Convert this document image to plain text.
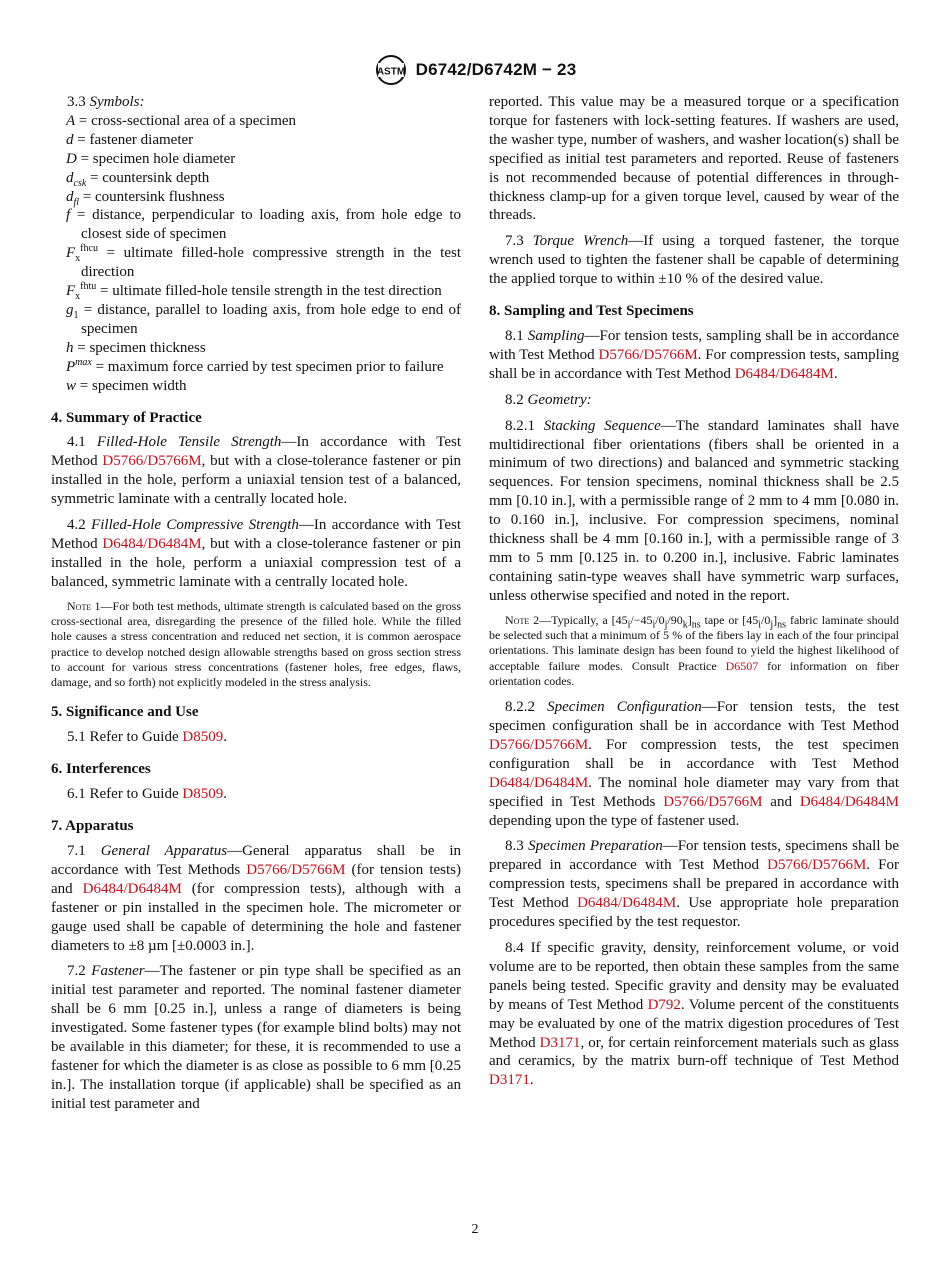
ASTM D6742/D6742M − 23

3.3 Symbols:

A = cross-sectional area of a specimen

d = fastener diameter

D = specimen hole diameter

$d_{csk}$ = countersink depth

$d_{fl}$ = countersink flushness

f = distance, perpendicular to loading axis, from hole edge to closest side of specimen

$F_x^{fhcu}$ = ultimate filled-hole compressive strength in the test direction

$F_x^{fhtu}$ = ultimate filled-hole tensile strength in the test direction

$g_1$ = distance, parallel to loading axis, from hole edge to end of specimen

h = specimen thickness

$P^{max}$ = maximum force carried by test specimen prior to failure

w = specimen width

4. Summary of Practice

4.1 Filled-Hole Tensile Strength—In accordance with Test Method D5766/D5766M, but with a close-tolerance fastener or pin installed in the hole, perform a uniaxial tension test of a balanced, symmetric laminate with a centrally located hole.

4.2 Filled-Hole Compressive Strength—In accordance with Test Method D6484/D6484M, but with a close-tolerance fastener or pin installed in the hole, perform a uniaxial compression test of a balanced, symmetric laminate with a centrally located hole.

Note 1—For both test methods, ultimate strength is calculated based on the gross cross-sectional area, disregarding the presence of the filled hole. While the filled hole causes a stress concentration and reduced net section, it is common aerospace practice to develop notched design allowable strengths based on gross section stress to account for various stress concentrations (fastener holes, free edges, flaws, damage, and so forth) not explicitly modeled in the stress analysis.

5. Significance and Use

5.1 Refer to Guide D8509.

6. Interferences

6.1 Refer to Guide D8509.

7. Apparatus

7.1 General Apparatus—General apparatus shall be in accordance with Test Methods D5766/D5766M (for tension tests) and D6484/D6484M (for compression tests), although with a fastener or pin installed in the specimen hole. The micrometer or gauge used shall be capable of determining the hole and fastener diameters to ±8 µm [±0.0003 in.].

7.2 Fastener—The fastener or pin type shall be specified as an initial test parameter and reported. The nominal fastener diameter shall be 6 mm [0.25 in.], unless a range of diameters is being investigated. Some fastener types (for example blind bolts) may not be available in this diameter; for these, it is recommended to use a fastener for which the diameter is as close as possible to 6 mm [0.25 in.]. The installation torque (if applicable) shall be specified as an initial test parameter and

reported. This value may be a measured torque or a specification torque for fasteners with lock-setting features. If washers are used, the washer type, number of washers, and washer location(s) shall be specified as initial test parameters and reported. Reuse of fasteners is not recommended because of potential differences in through-thickness clamp-up for a given torque level, caused by wear of the threads.

7.3 Torque Wrench—If using a torqued fastener, the torque wrench used to tighten the fastener shall be capable of determining the applied torque to within ±10 % of the desired value.

8. Sampling and Test Specimens

8.1 Sampling—For tension tests, sampling shall be in accordance with Test Method D5766/D5766M. For compression tests, sampling shall be in accordance with Test Method D6484/D6484M.

8.2 Geometry:

8.2.1 Stacking Sequence—The standard laminates shall have multidirectional fiber orientations (fibers shall be oriented in a minimum of two directions) and balanced and symmetric stacking sequences. For tension specimens, nominal thickness shall be 2.5 mm [0.10 in.], with a permissible range of 2 mm to 4 mm [0.080 in. to 0.160 in.], inclusive. For compression specimens, nominal thickness shall be 4 mm [0.160 in.], with a permissible range of 3 mm to 5 mm [0.125 in. to 0.200 in.], inclusive. Fabric laminates containing satin-type weaves shall have symmetric warp surfaces, unless otherwise specified and noted in the report.

Note 2—Typically, a $[45_i/-45_i/0_j/90_k]_{ns}$ tape or $[45_i/0_j]_{ns}$ fabric laminate should be selected such that a minimum of 5 % of the fibers lay in each of the four principal orientations. This laminate design has been found to yield the highest likelihood of acceptable failure modes. Consult Practice D6507 for information on fiber orientation codes.

8.2.2 Specimen Configuration—For tension tests, the test specimen configuration shall be in accordance with Test Method D5766/D5766M. For compression tests, the test specimen configuration shall be in accordance with Test Method D6484/D6484M. The nominal hole diameter may vary from that specified in Test Methods D5766/D5766M and D6484/D6484M depending upon the type of fastener used.

8.3 Specimen Preparation—For tension tests, specimens shall be prepared in accordance with Test Method D5766/D5766M. For compression tests, specimens shall be prepared in accordance with Test Method D6484/D6484M. Use appropriate hole preparation procedures specified by the test requestor.

8.4 If specific gravity, density, reinforcement volume, or void volume are to be reported, then obtain these samples from the same panels being tested. Specific gravity and density may be evaluated by means of Test Method D792. Volume percent of the constituents may be evaluated by one of the matrix digestion procedures of Test Method D3171, or, for certain reinforcement materials such as glass and ceramics, by the matrix burn-off technique of Test Method D3171.

2
